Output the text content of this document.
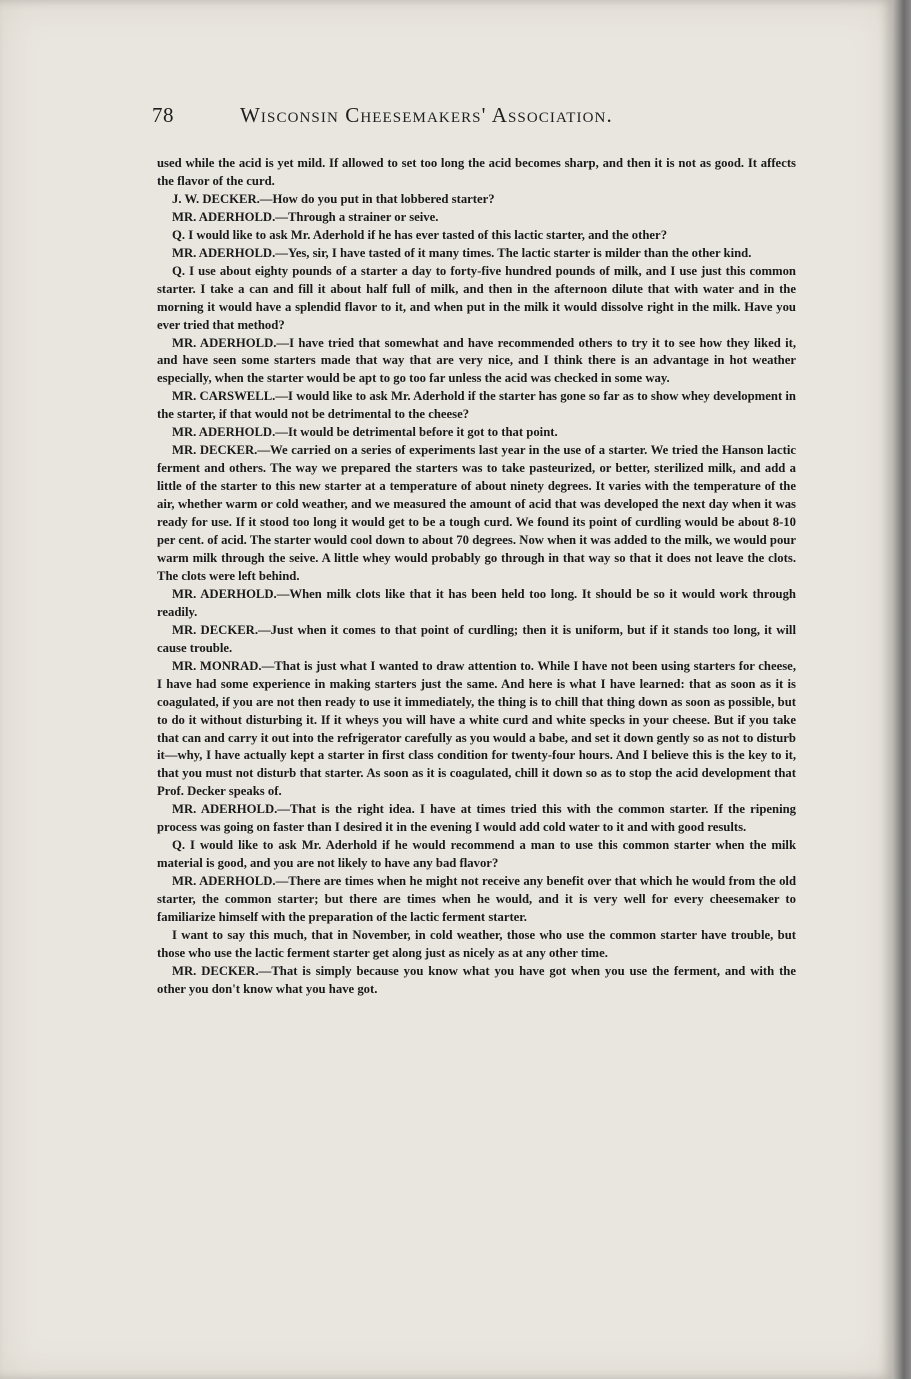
78	Wisconsin Cheesemakers' Association.

used while the acid is yet mild. If allowed to set too long the acid becomes sharp, and then it is not as good. It affects the flavor of the curd.

J. W. DECKER.—How do you put in that lobbered starter?

MR. ADERHOLD.—Through a strainer or seive.

Q. I would like to ask Mr. Aderhold if he has ever tasted of this lactic starter, and the other?

MR. ADERHOLD.—Yes, sir, I have tasted of it many times. The lactic starter is milder than the other kind.

Q. I use about eighty pounds of a starter a day to forty-five hundred pounds of milk, and I use just this common starter. I take a can and fill it about half full of milk, and then in the afternoon dilute that with water and in the morning it would have a splendid flavor to it, and when put in the milk it would dissolve right in the milk. Have you ever tried that method?

MR. ADERHOLD.—I have tried that somewhat and have recommended others to try it to see how they liked it, and have seen some starters made that way that are very nice, and I think there is an advantage in hot weather especially, when the starter would be apt to go too far unless the acid was checked in some way.

MR. CARSWELL.—I would like to ask Mr. Aderhold if the starter has gone so far as to show whey development in the starter, if that would not be detrimental to the cheese?

MR. ADERHOLD.—It would be detrimental before it got to that point.

MR. DECKER.—We carried on a series of experiments last year in the use of a starter. We tried the Hanson lactic ferment and others. The way we prepared the starters was to take pasteurized, or better, sterilized milk, and add a little of the starter to this new starter at a temperature of about ninety degrees. It varies with the temperature of the air, whether warm or cold weather, and we measured the amount of acid that was developed the next day when it was ready for use. If it stood too long it would get to be a tough curd. We found its point of curdling would be about 8-10 per cent. of acid. The starter would cool down to about 70 degrees. Now when it was added to the milk, we would pour warm milk through the seive. A little whey would probably go through in that way so that it does not leave the clots. The clots were left behind.

MR. ADERHOLD.—When milk clots like that it has been held too long. It should be so it would work through readily.

MR. DECKER.—Just when it comes to that point of curdling; then it is uniform, but if it stands too long, it will cause trouble.

MR. MONRAD.—That is just what I wanted to draw attention to. While I have not been using starters for cheese, I have had some experience in making starters just the same. And here is what I have learned: that as soon as it is coagulated, if you are not then ready to use it immediately, the thing is to chill that thing down as soon as possible, but to do it without disturbing it. If it wheys you will have a white curd and white specks in your cheese. But if you take that can and carry it out into the refrigerator carefully as you would a babe, and set it down gently so as not to disturb it—why, I have actually kept a starter in first class condition for twenty-four hours. And I believe this is the key to it, that you must not disturb that starter. As soon as it is coagulated, chill it down so as to stop the acid development that Prof. Decker speaks of.

MR. ADERHOLD.—That is the right idea. I have at times tried this with the common starter. If the ripening process was going on faster than I desired it in the evening I would add cold water to it and with good results.

Q. I would like to ask Mr. Aderhold if he would recommend a man to use this common starter when the milk material is good, and you are not likely to have any bad flavor?

MR. ADERHOLD.—There are times when he might not receive any benefit over that which he would from the old starter, the common starter; but there are times when he would, and it is very well for every cheesemaker to familiarize himself with the preparation of the lactic ferment starter.

I want to say this much, that in November, in cold weather, those who use the common starter have trouble, but those who use the lactic ferment starter get along just as nicely as at any other time.

MR. DECKER.—That is simply because you know what you have got when you use the ferment, and with the other you don't know what you have got.
